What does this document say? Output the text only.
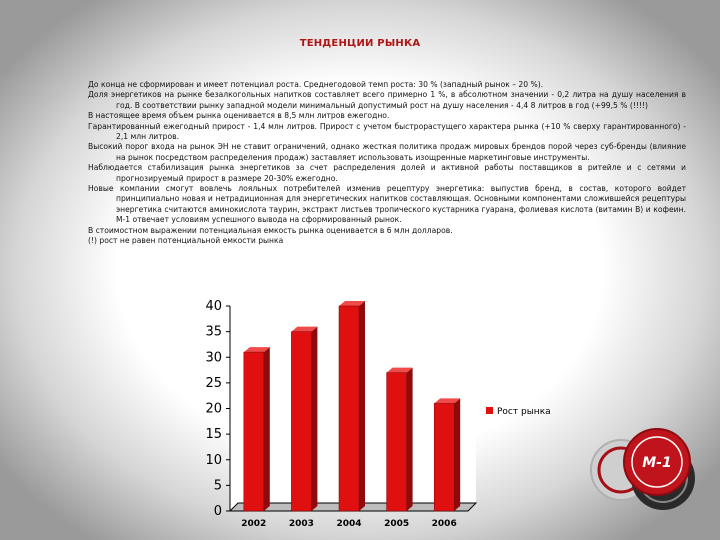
ТЕНДЕНЦИИ РЫНКА

До конца не сформирован и имеет потенциал роста. Среднегодовой темп роста: 30 % (западный рынок – 20 %).

Доля энергетиков на рынке безалкогольных напитков составляет всего примерно 1 %, в абсолютном значении - 0,2 литра на душу населения в год. В соответствии рынку западной модели минимальный допустимый рост на душу населения - 4,4 8 литров в год (+99,5 % (!!!!)

В настоящее время объем рынка оценивается в 8,5 млн литров ежегодно.

Гарантированный ежегодный прирост - 1,4 млн литров. Прирост с учетом быстрорастущего характера рынка (+10 % сверху гарантированного) - 2,1 млн литров.

Высокий порог входа на рынок ЭН не ставит ограничений, однако жесткая политика продаж мировых брендов порой через суб-бренды (влияние на рынок посредством распределения продаж) заставляет использовать изощренные маркетинговые инструменты.

Наблюдается стабилизация рынка энергетиков за счет распределения долей и активной работы поставщиков в ритейле и с сетями и прогнозируемый прирост в размере 20-30% ежегодно.

Новые компании смогут вовлечь лояльных потребителей изменив рецептуру энергетика: выпустив бренд, в состав, которого войдет принципиально новая и нетрадиционная для энергетических напитков составляющая. Основными компонентами сложившейся рецептуры энергетика считаются аминокислота таурин, экстракт листьев тропического кустарника гуарана, фолиевая кислота (витамин B) и кофеин. М-1 отвечает условиям успешного вывода на сформированный рынок.

В стоимостном выражении потенциальная емкость рынка оценивается в 6 млн долларов.

(!) рост не равен потенциальной емкости рынка

0
5
10
15
20
25
30
35
40
2002	2003	2004	2005	2006
Рост рынка
М-1
